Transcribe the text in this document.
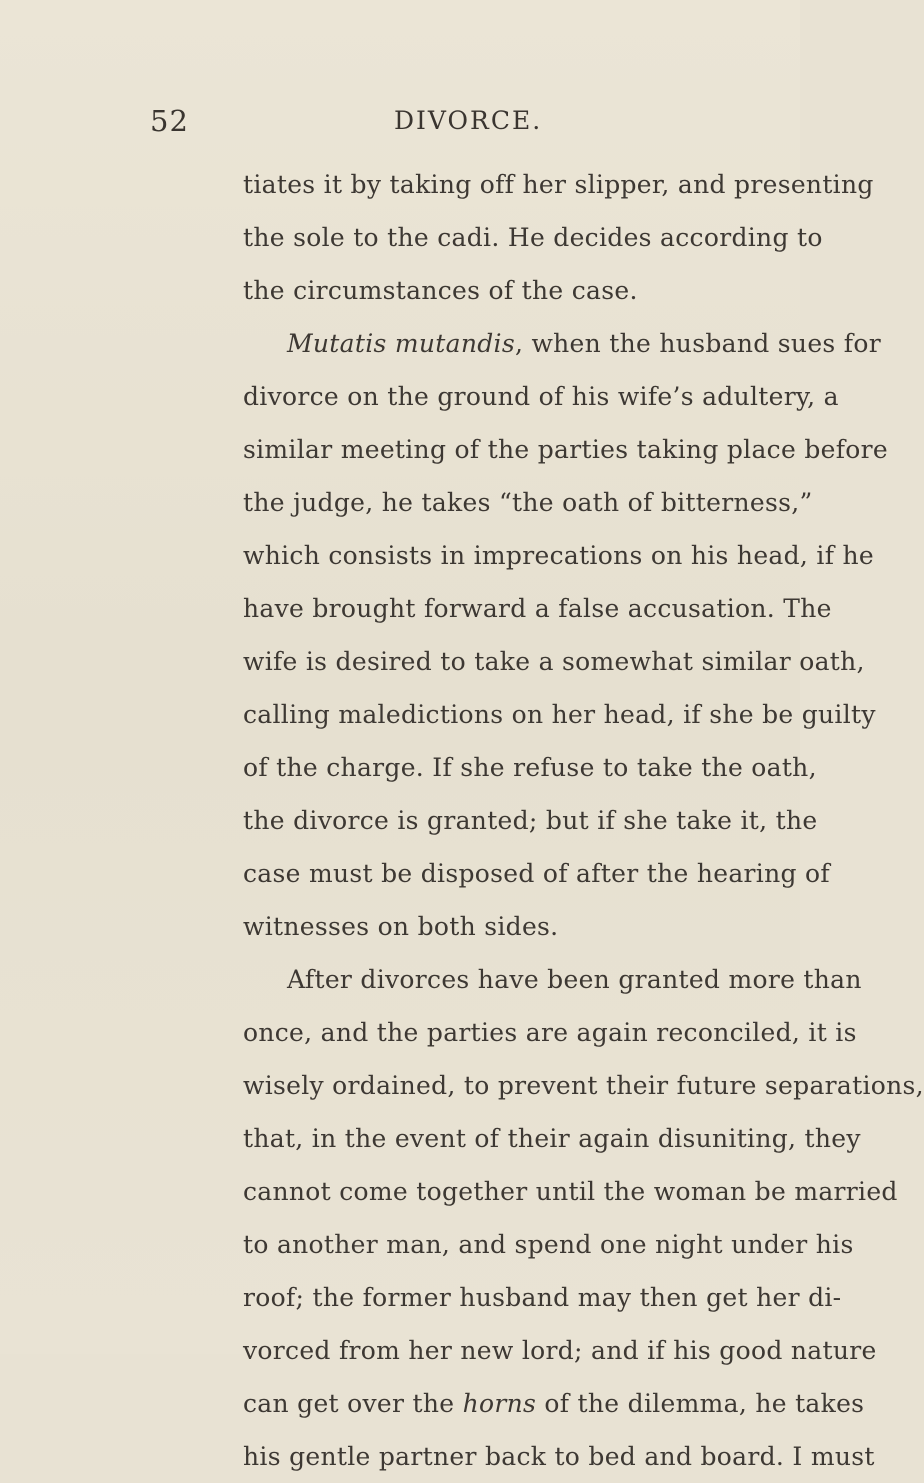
52	DIVORCE.
tiates it by taking off her slipper, and presenting
the sole to the cadi. He decides according to
the circumstances of the case.
Mutatis mutandis, when the husband sues for
divorce on the ground of his wife’s adultery, a
similar meeting of the parties taking place before
the judge, he takes “the oath of bitterness,”
which consists in imprecations on his head, if he
have brought forward a false accusation. The
wife is desired to take a somewhat similar oath,
calling maledictions on her head, if she be guilty
of the charge. If she refuse to take the oath,
the divorce is granted; but if she take it, the
case must be disposed of after the hearing of
witnesses on both sides.
After divorces have been granted more than
once, and the parties are again reconciled, it is
wisely ordained, to prevent their future separations,
that, in the event of their again disuniting, they
cannot come together until the woman be married
to another man, and spend one night under his
roof; the former husband may then get her di-
vorced from her new lord; and if his good nature
can get over the horns of the dilemma, he takes
his gentle partner back to bed and board. I must
